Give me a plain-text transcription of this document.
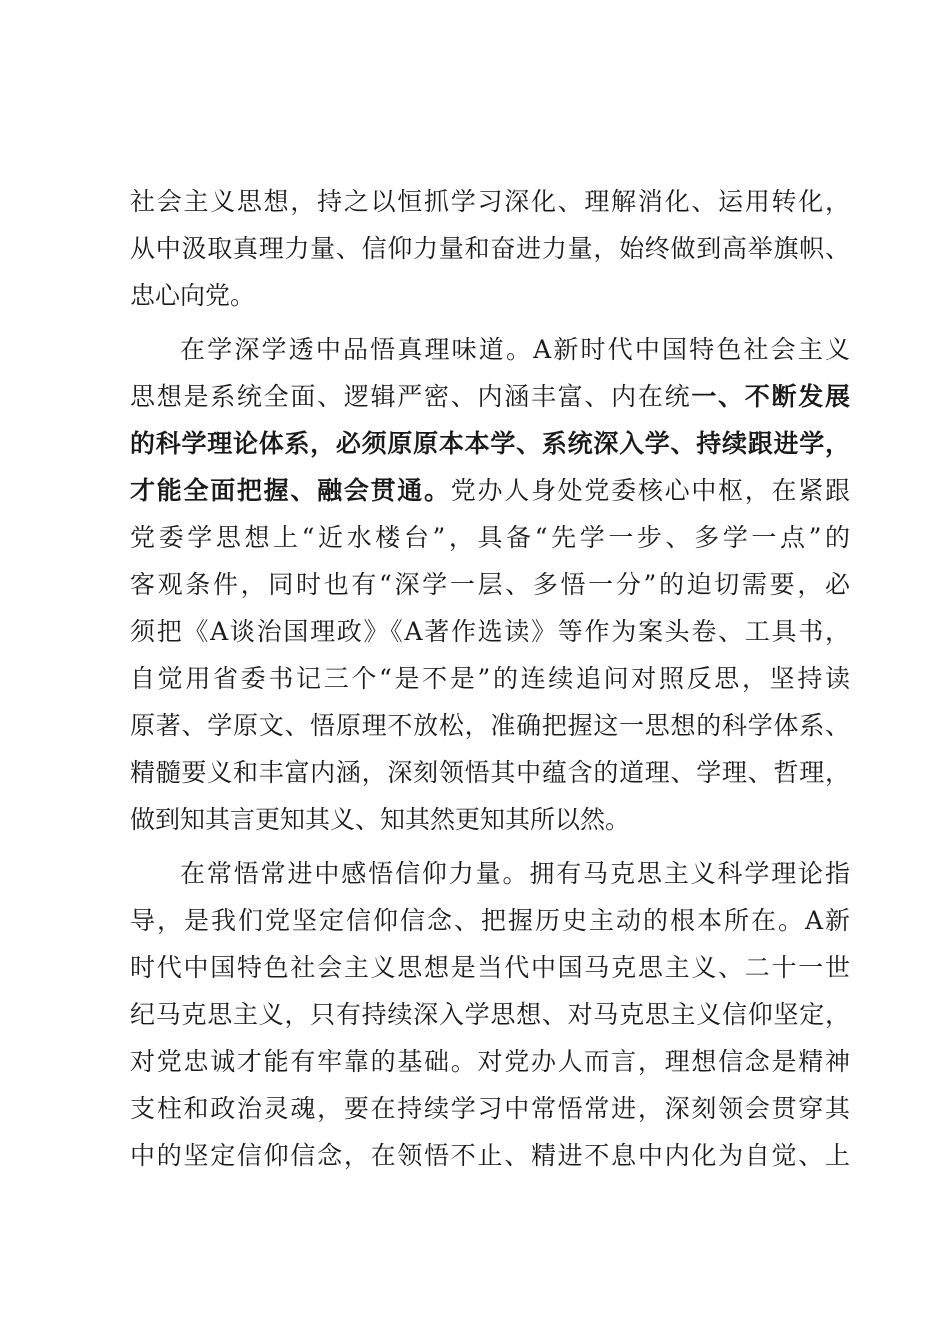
社会主义思想，持之以恒抓学习深化、理解消化、运用转化，
从中汲取真理力量、信仰力量和奋进力量，始终做到高举旗帜、
忠心向党。
在学深学透中品悟真理味道。A新时代中国特色社会主义
思想是系统全面、逻辑严密、内涵丰富、内在统一、不断发展
的科学理论体系，必须原原本本学、系统深入学、持续跟进学，
才能全面把握、融会贯通。党办人身处党委核心中枢，在紧跟
党委学思想上“近水楼台”，具备“先学一步、多学一点”的
客观条件，同时也有“深学一层、多悟一分”的迫切需要，必
须把《A谈治国理政》《A著作选读》等作为案头卷、工具书，
自觉用省委书记三个“是不是”的连续追问对照反思，坚持读
原著、学原文、悟原理不放松，准确把握这一思想的科学体系、
精髓要义和丰富内涵，深刻领悟其中蕴含的道理、学理、哲理，
做到知其言更知其义、知其然更知其所以然。
在常悟常进中感悟信仰力量。拥有马克思主义科学理论指
导，是我们党坚定信仰信念、把握历史主动的根本所在。A新
时代中国特色社会主义思想是当代中国马克思主义、二十一世
纪马克思主义，只有持续深入学思想、对马克思主义信仰坚定，
对党忠诚才能有牢靠的基础。对党办人而言，理想信念是精神
支柱和政治灵魂，要在持续学习中常悟常进，深刻领会贯穿其
中的坚定信仰信念，在领悟不止、精进不息中内化为自觉、上
